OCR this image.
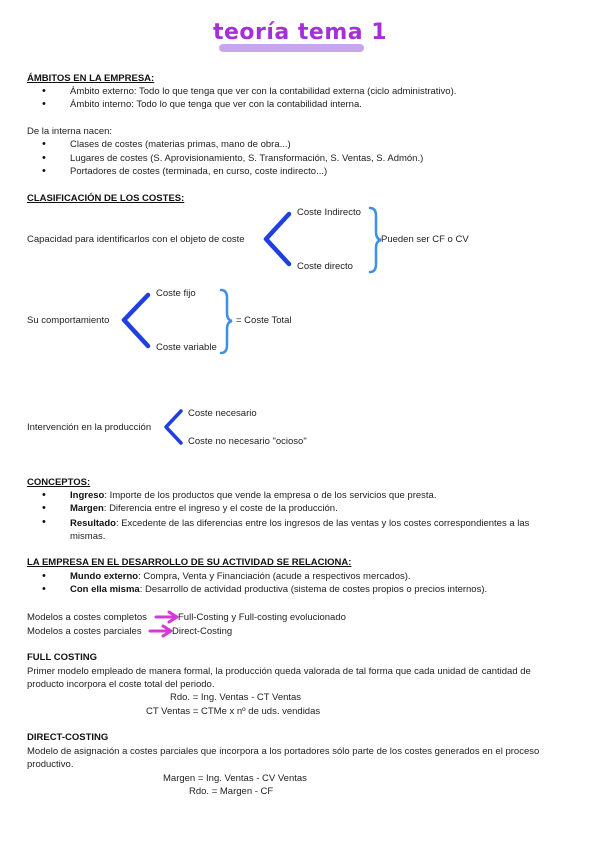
teoría tema 1
ÁMBITOS EN LA EMPRESA:
• Ámbito externo: Todo lo que tenga que ver con la contabilidad externa (ciclo administrativo).
• Ámbito interno: Todo lo que tenga que ver con la contabilidad interna.
De la interna nacen:
• Clases de costes (materias primas, mano de obra...)
• Lugares de costes (S. Aprovisionamiento, S. Transformación, S. Ventas, S. Admón.)
• Portadores de costes (terminada, en curso, coste indirecto...)
CLASIFICACIÓN DE LOS COSTES:
Capacidad para identificarlos con el objeto de coste
Coste Indirecto
Coste directo
Pueden ser CF o CV
Su comportamiento
Coste fijo
Coste variable
= Coste Total
Intervención en la producción
Coste necesario
Coste no necesario "ocioso"
CONCEPTOS:
• Ingreso: Importe de los productos que vende la empresa o de los servicios que presta.
• Margen: Diferencia entre el ingreso y el coste de la producción.
• Resultado: Excedente de las diferencias entre los ingresos de las ventas y los costes correspondientes a las mismas.
LA EMPRESA EN EL DESARROLLO DE SU ACTIVIDAD SE RELACIONA:
• Mundo externo: Compra, Venta y Financiación (acude a respectivos mercados).
• Con ella misma: Desarrollo de actividad productiva (sistema de costes propios o precios internos).
Modelos a costes completos	Full-Costing y Full-costing evolucionado
Modelos a costes parciales	Direct-Costing
FULL COSTING
Primer modelo empleado de manera formal, la producción queda valorada de tal forma que cada unidad de cantidad de producto incorpora el coste total del periodo.
Rdo. = Ing. Ventas - CT Ventas
CT Ventas = CTMe x nº de uds. vendidas
DIRECT-COSTING
Modelo de asignación a costes parciales que incorpora a los portadores sólo parte de los costes generados en el proceso productivo.
Margen = Ing. Ventas - CV Ventas
Rdo. = Margen - CF
